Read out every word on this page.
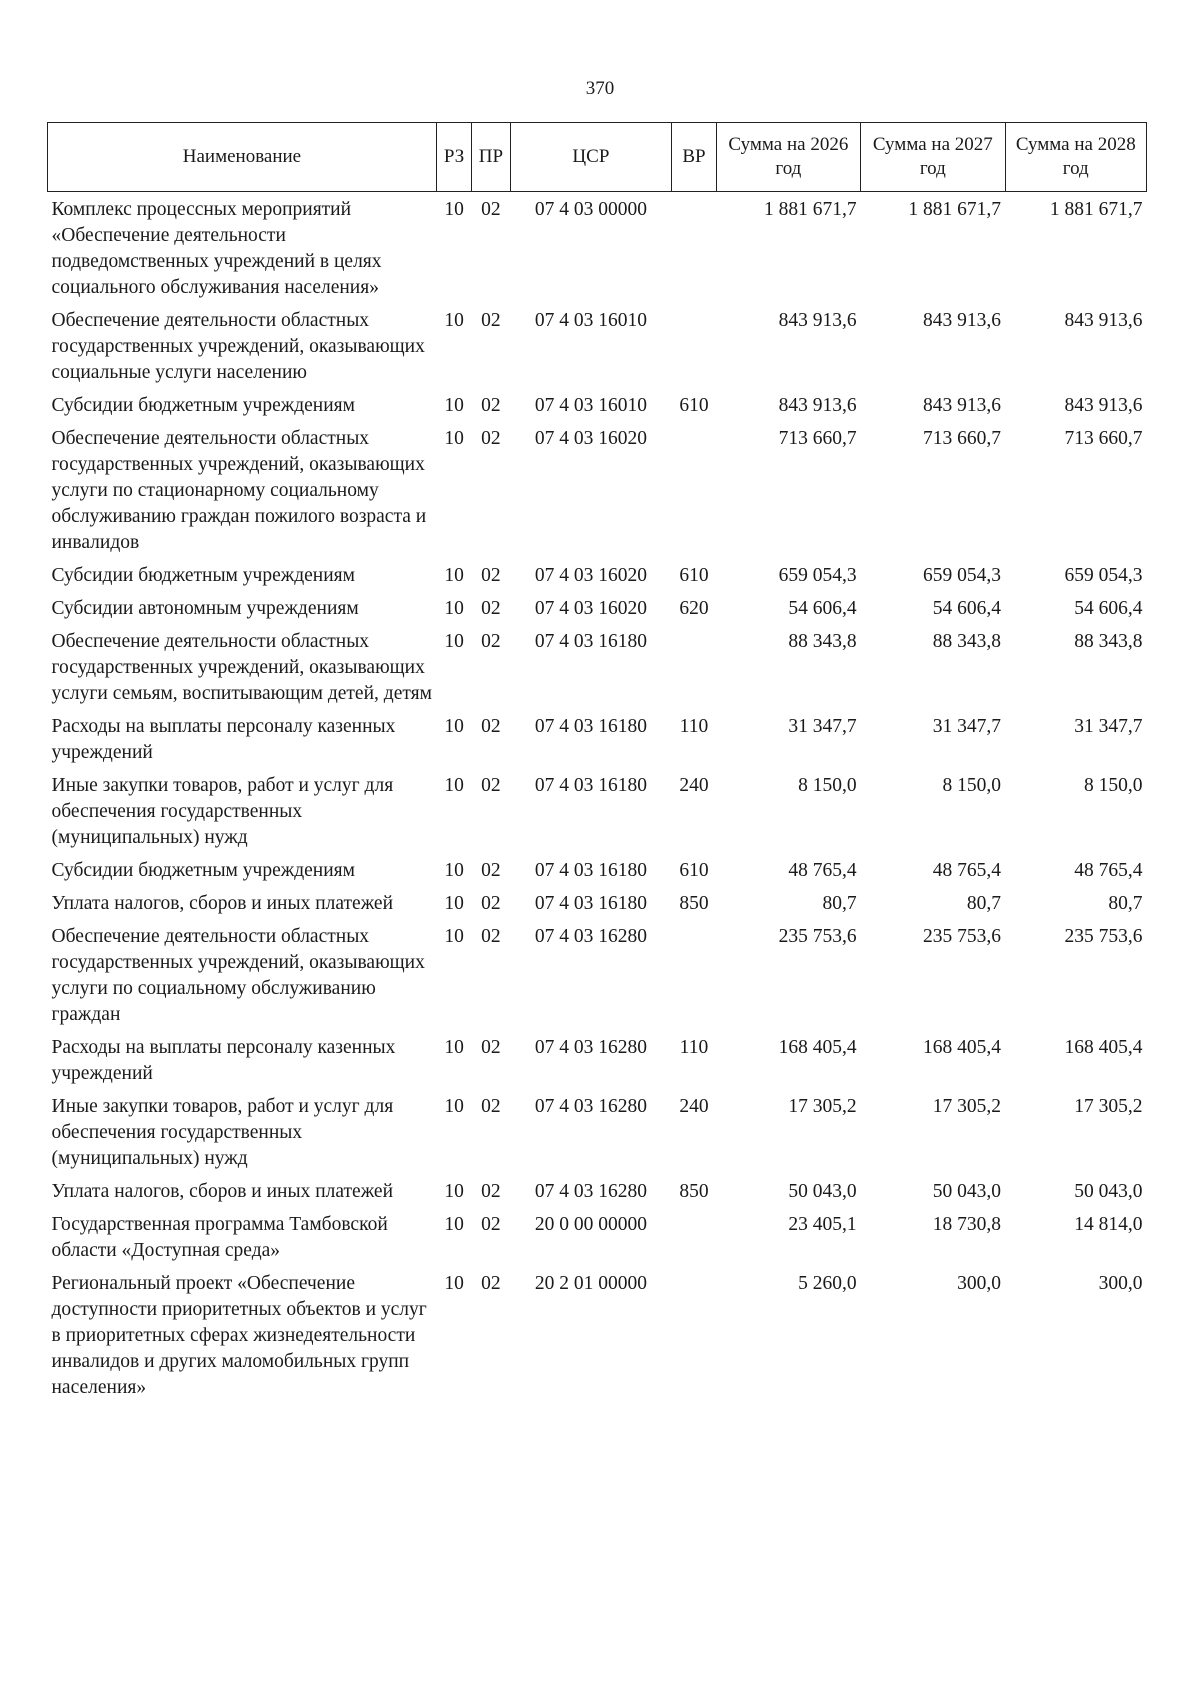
370
Наименование	РЗ	ПР	ЦСР	ВР	Сумма на 2026 год	Сумма на 2027 год	Сумма на 2028 год
Комплекс процессных мероприятий «Обеспечение деятельности подведомственных учреждений в целях социального обслуживания населения»	10	02	07 4 03 00000		1 881 671,7	1 881 671,7	1 881 671,7
Обеспечение деятельности областных государственных учреждений, оказывающих социальные услуги населению	10	02	07 4 03 16010		843 913,6	843 913,6	843 913,6
Субсидии бюджетным учреждениям	10	02	07 4 03 16010	610	843 913,6	843 913,6	843 913,6
Обеспечение деятельности областных государственных учреждений, оказывающих услуги по стационарному социальному обслуживанию граждан пожилого возраста и инвалидов	10	02	07 4 03 16020		713 660,7	713 660,7	713 660,7
Субсидии бюджетным учреждениям	10	02	07 4 03 16020	610	659 054,3	659 054,3	659 054,3
Субсидии автономным учреждениям	10	02	07 4 03 16020	620	54 606,4	54 606,4	54 606,4
Обеспечение деятельности областных государственных учреждений, оказывающих услуги семьям, воспитывающим детей, детям	10	02	07 4 03 16180		88 343,8	88 343,8	88 343,8
Расходы на выплаты персоналу казенных учреждений	10	02	07 4 03 16180	110	31 347,7	31 347,7	31 347,7
Иные закупки товаров, работ и услуг для обеспечения государственных (муниципальных) нужд	10	02	07 4 03 16180	240	8 150,0	8 150,0	8 150,0
Субсидии бюджетным учреждениям	10	02	07 4 03 16180	610	48 765,4	48 765,4	48 765,4
Уплата налогов, сборов и иных платежей	10	02	07 4 03 16180	850	80,7	80,7	80,7
Обеспечение деятельности областных государственных учреждений, оказывающих услуги по социальному обслуживанию граждан	10	02	07 4 03 16280		235 753,6	235 753,6	235 753,6
Расходы на выплаты персоналу казенных учреждений	10	02	07 4 03 16280	110	168 405,4	168 405,4	168 405,4
Иные закупки товаров, работ и услуг для обеспечения государственных (муниципальных) нужд	10	02	07 4 03 16280	240	17 305,2	17 305,2	17 305,2
Уплата налогов, сборов и иных платежей	10	02	07 4 03 16280	850	50 043,0	50 043,0	50 043,0
Государственная программа Тамбовской области «Доступная среда»	10	02	20 0 00 00000		23 405,1	18 730,8	14 814,0
Региональный проект «Обеспечение доступности приоритетных объектов и услуг в приоритетных сферах жизнедеятельности инвалидов и других маломобильных групп населения»	10	02	20 2 01 00000		5 260,0	300,0	300,0
